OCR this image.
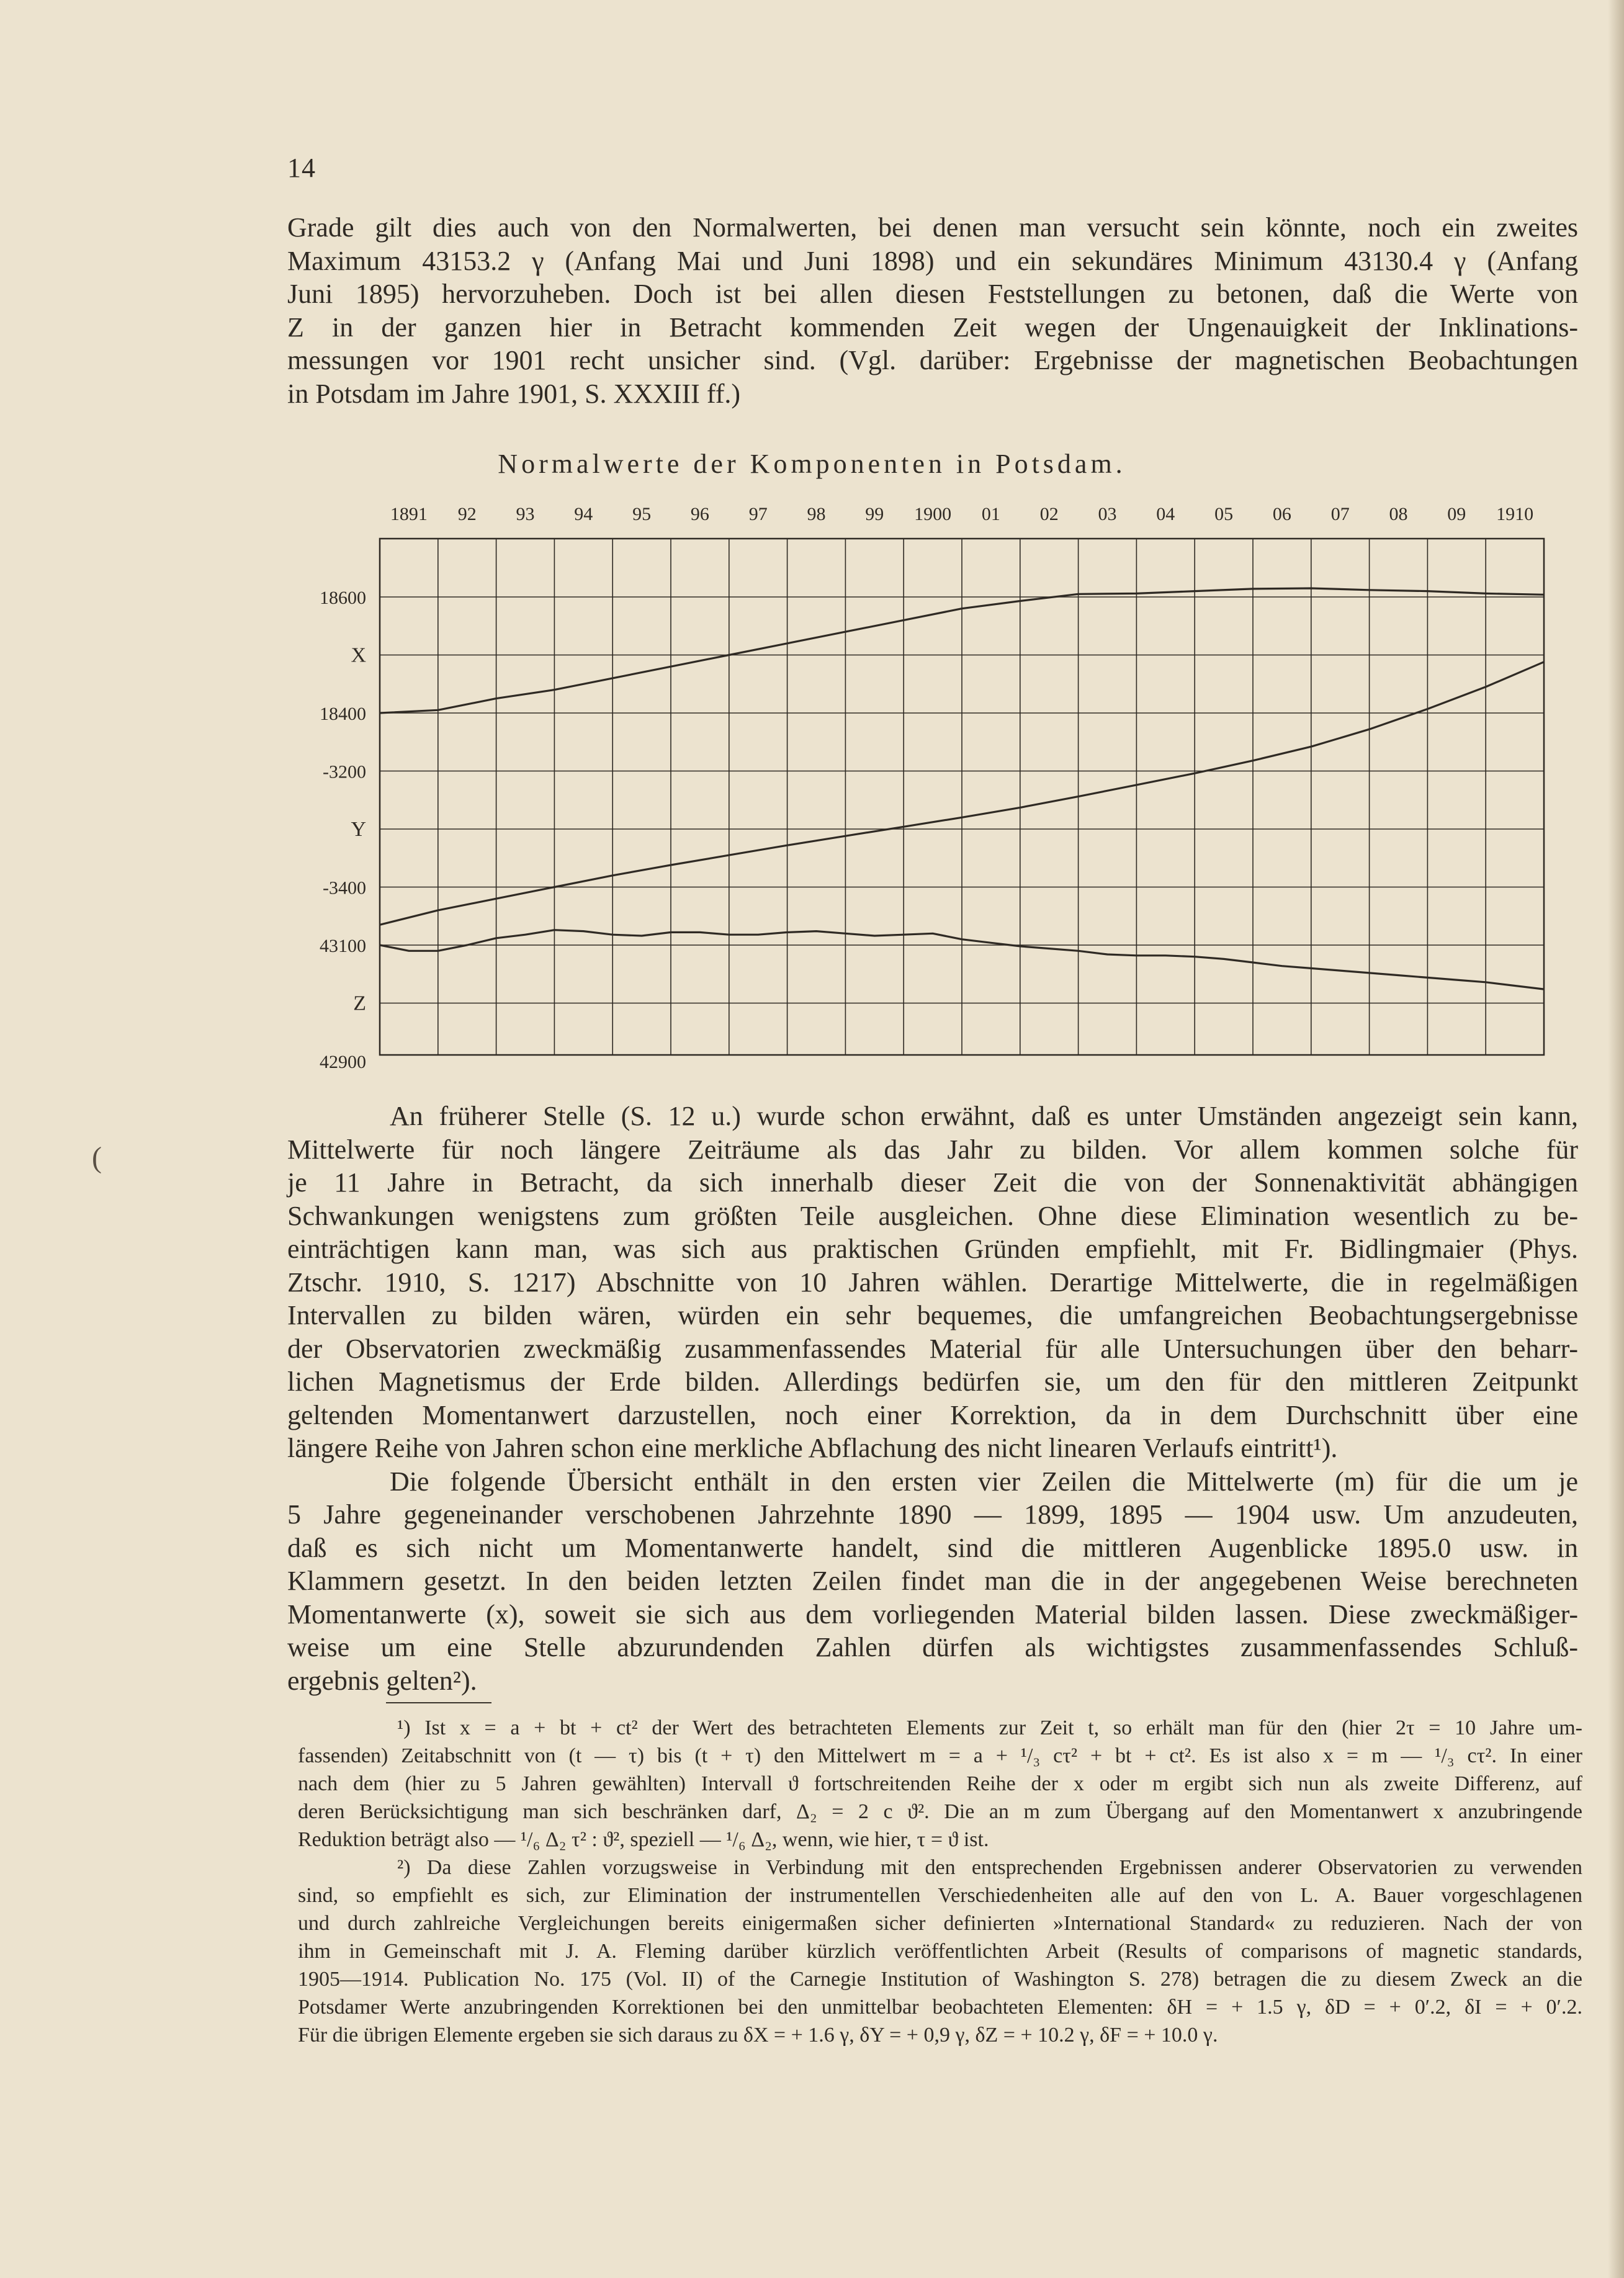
14
Grade gilt dies auch von den Normalwerten, bei denen man versucht sein könnte, noch ein zweites
Maximum 43153.2 γ (Anfang Mai und Juni 1898) und ein sekundäres Minimum 43130.4 γ (Anfang
Juni 1895) hervorzuheben. Doch ist bei allen diesen Feststellungen zu betonen, daß die Werte von
Z in der ganzen hier in Betracht kommenden Zeit wegen der Ungenauigkeit der Inklinations-
messungen vor 1901 recht unsicher sind. (Vgl. darüber: Ergebnisse der magnetischen Beobachtungen
in Potsdam im Jahre 1901, S. XXXIII ff.)
Normalwerte der Komponenten in Potsdam.
1891 92 93 94 95 96 97 98 99 1900 01 02 03 04 05 06 07 08 09 1910
18600
X
18400
-3200
Y
-3400
43100
Z
42900
An früherer Stelle (S. 12 u.) wurde schon erwähnt, daß es unter Umständen angezeigt sein kann,
Mittelwerte für noch längere Zeiträume als das Jahr zu bilden. Vor allem kommen solche für
je 11 Jahre in Betracht, da sich innerhalb dieser Zeit die von der Sonnenaktivität abhängigen
Schwankungen wenigstens zum größten Teile ausgleichen. Ohne diese Elimination wesentlich zu be-
einträchtigen kann man, was sich aus praktischen Gründen empfiehlt, mit Fr. Bidlingmaier (Phys.
Ztschr. 1910, S. 1217) Abschnitte von 10 Jahren wählen. Derartige Mittelwerte, die in regelmäßigen
Intervallen zu bilden wären, würden ein sehr bequemes, die umfangreichen Beobachtungsergebnisse
der Observatorien zweckmäßig zusammenfassendes Material für alle Untersuchungen über den beharr-
lichen Magnetismus der Erde bilden. Allerdings bedürfen sie, um den für den mittleren Zeitpunkt
geltenden Momentanwert darzustellen, noch einer Korrektion, da in dem Durchschnitt über eine
längere Reihe von Jahren schon eine merkliche Abflachung des nicht linearen Verlaufs eintritt¹).
Die folgende Übersicht enthält in den ersten vier Zeilen die Mittelwerte (m) für die um je
5 Jahre gegeneinander verschobenen Jahrzehnte 1890 — 1899, 1895 — 1904 usw. Um anzudeuten,
daß es sich nicht um Momentanwerte handelt, sind die mittleren Augenblicke 1895.0 usw. in
Klammern gesetzt. In den beiden letzten Zeilen findet man die in der angegebenen Weise berechneten
Momentanwerte (x), soweit sie sich aus dem vorliegenden Material bilden lassen. Diese zweckmäßiger-
weise um eine Stelle abzurundenden Zahlen dürfen als wichtigstes zusammenfassendes Schluß-
ergebnis gelten²).
¹) Ist x = a + bt + ct² der Wert des betrachteten Elements zur Zeit t, so erhält man für den (hier 2τ = 10 Jahre um-
fassenden) Zeitabschnitt von (t — τ) bis (t + τ) den Mittelwert m = a + ¹/₃ cτ² + bt + ct². Es ist also x = m — ¹/₃ cτ². In einer
nach dem (hier zu 5 Jahren gewählten) Intervall ϑ fortschreitenden Reihe der x oder m ergibt sich nun als zweite Differenz, auf
deren Berücksichtigung man sich beschränken darf, Δ₂ = 2 c ϑ². Die an m zum Übergang auf den Momentanwert x anzubringende
Reduktion beträgt also — ¹/₆ Δ₂ τ² : ϑ², speziell — ¹/₆ Δ₂, wenn, wie hier, τ = ϑ ist.
²) Da diese Zahlen vorzugsweise in Verbindung mit den entsprechenden Ergebnissen anderer Observatorien zu verwenden
sind, so empfiehlt es sich, zur Elimination der instrumentellen Verschiedenheiten alle auf den von L. A. Bauer vorgeschlagenen
und durch zahlreiche Vergleichungen bereits einigermaßen sicher definierten »International Standard« zu reduzieren. Nach der von
ihm in Gemeinschaft mit J. A. Fleming darüber kürzlich veröffentlichten Arbeit (Results of comparisons of magnetic standards,
1905—1914. Publication No. 175 (Vol. II) of the Carnegie Institution of Washington S. 278) betragen die zu diesem Zweck an die
Potsdamer Werte anzubringenden Korrektionen bei den unmittelbar beobachteten Elementen: δH = + 1.5 γ, δD = + 0′.2, δI = + 0′.2.
Für die übrigen Elemente ergeben sie sich daraus zu δX = + 1.6 γ, δY = + 0,9 γ, δZ = + 10.2 γ, δF = + 10.0 γ.
(
